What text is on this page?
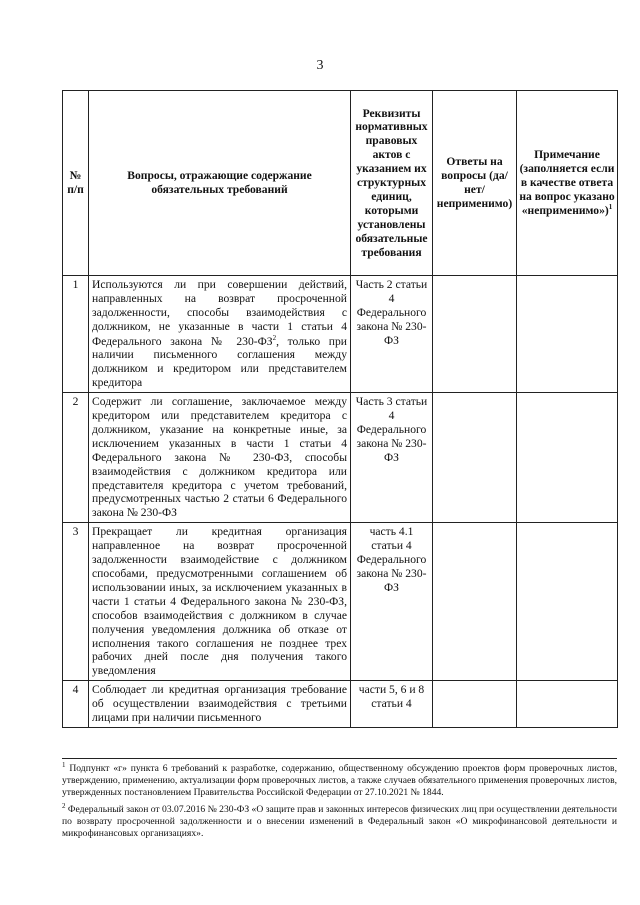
3
№ п/п	Вопросы, отражающие содержание обязательных требований	Реквизиты нормативных правовых актов с указанием их структурных единиц, которыми установлены обязательные требования	Ответы на вопросы (да/нет/ неприменимо)	Примечание (заполняется если в качестве ответа на вопрос указано «неприменимо»)$^1$
1	Используются ли при совершении действий, направленных на возврат просроченной задолженности, способы взаимодействия с должником, не указанные в части 1 статьи 4 Федерального закона № $230-ФЗ^2$, только при наличии письменного соглашения между должником и кредитором или представителем кредитора	Часть 2 статьи 4 Федерального закона № 230-ФЗ		
2	Содержит ли соглашение, заключаемое между кредитором или представителем кредитора с должником, указание на конкретные иные, за исключением указанных в части 1 статьи 4 Федерального закона № 230-ФЗ, способы взаимодействия с должником кредитора или представителя кредитора с учетом требований, предусмотренных частью 2 статьи 6 Федерального закона № 230-ФЗ	Часть 3 статьи 4 Федерального закона № 230-ФЗ		
3	Прекращает ли кредитная организация направленное на возврат просроченной задолженности взаимодействие с должником способами, предусмотренными соглашением об использовании иных, за исключением указанных в части 1 статьи 4 Федерального закона № 230-ФЗ, способов взаимодействия с должником в случае получения уведомления должника об отказе от исполнения такого соглашения не позднее трех рабочих дней после дня получения такого уведомления	часть 4.1 статьи 4 Федерального закона № 230-ФЗ		
4	Соблюдает ли кредитная организация требование об осуществлении взаимодействия с третьими лицами при наличии письменного	части 5, 6 и 8 статьи 4		

$^1$ Подпункт «г» пункта 6 требований к разработке, содержанию, общественному обсуждению проектов форм проверочных листов, утверждению, применению, актуализации форм проверочных листов, а также случаев обязательного применения проверочных листов, утвержденных постановлением Правительства Российской Федерации от 27.10.2021 № 1844.

$^2$ Федеральный закон от 03.07.2016 № 230-ФЗ «О защите прав и законных интересов физических лиц при осуществлении деятельности по возврату просроченной задолженности и о внесении изменений в Федеральный закон «О микрофинансовой деятельности и микрофинансовых организациях».
